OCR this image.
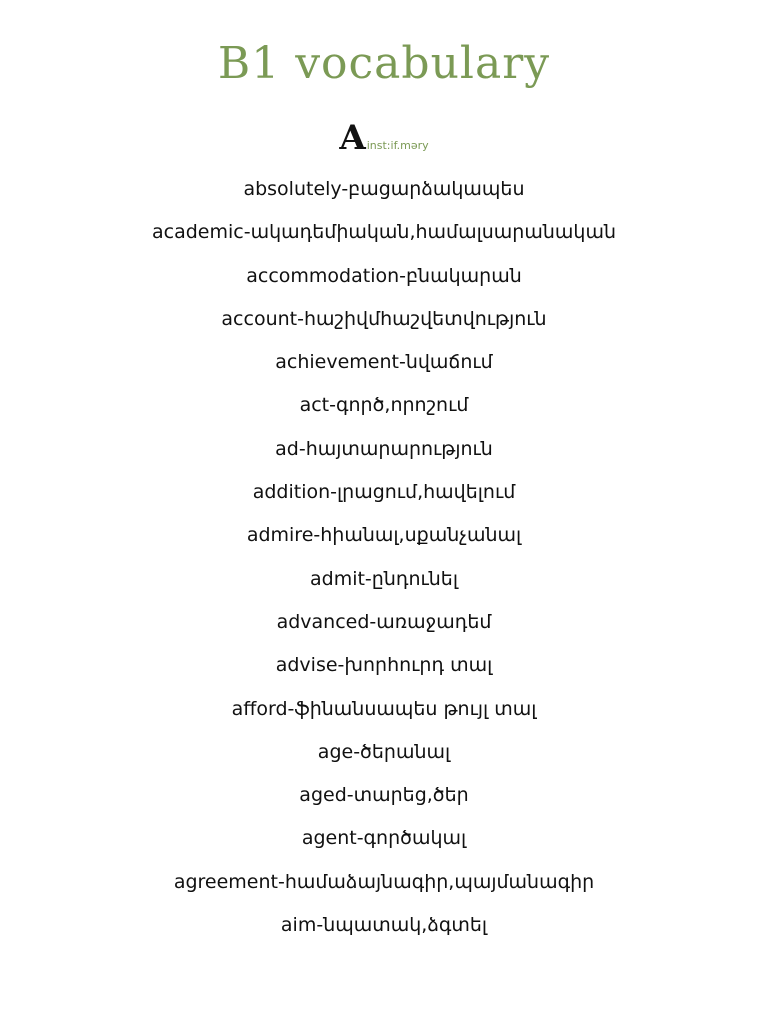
B1 vocabulary
Ainst:if.məry
absolutely-բացարձակապես
academic-ակադեմիական,համալսարանական
accommodation-բնակարան
account-հաշիվմհաշվետվություն
achievement-նվաճում
act-գործ,որոշում
ad-հայտարարություն
addition-լրացում,հավելում
admire-հիանալ,սքանչանալ
admit-ընդունել
advanced-առաջադեմ
advise-խորհուրդ տալ
afford-ֆինանսապես թույլ տալ
age-ծերանալ
aged-տարեց,ծեր
agent-գործակալ
agreement-համաձայնագիր,պայմանագիր
aim-նպատակ,ձգտել
